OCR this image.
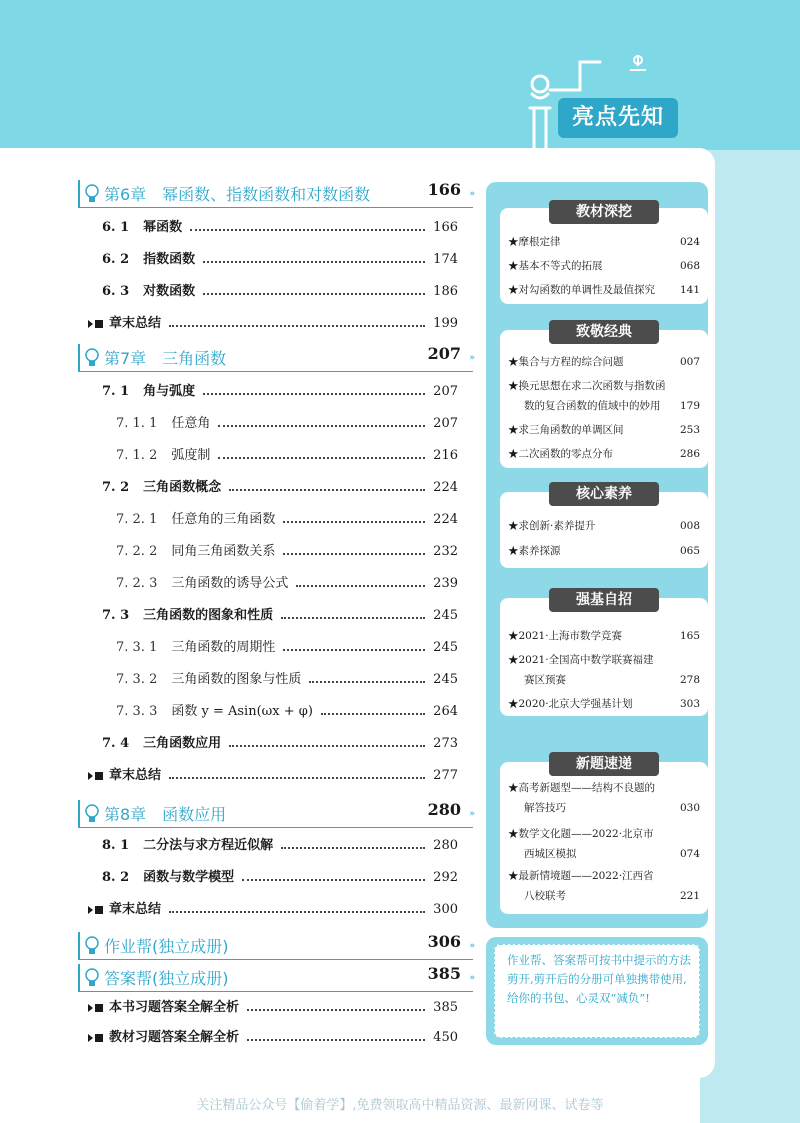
亮点先知
第6章　幂函数、指数函数和对数函数	166 »
6. 1 幂函数	166
6. 2 指数函数	174
6. 3 对数函数	186
章末总结	199
第7章　三角函数	207 »
7. 1 角与弧度	207
7. 1. 1 任意角	207
7. 1. 2 弧度制	216
7. 2 三角函数概念	224
7. 2. 1 任意角的三角函数	224
7. 2. 2 同角三角函数关系	232
7. 2. 3 三角函数的诱导公式	239
7. 3 三角函数的图象和性质	245
7. 3. 1 三角函数的周期性	245
7. 3. 2 三角函数的图象与性质	245
7. 3. 3 函数 y = Asin(ωx + φ)	264
7. 4 三角函数应用	273
章末总结	277
第8章　函数应用	280 »
8. 1 二分法与求方程近似解	280
8. 2 函数与数学模型	292
章末总结	300
作业帮(独立成册)	306 »
答案帮(独立成册)	385 »
本书习题答案全解全析	385
教材习题答案全解全析	450
教材深挖
★摩根定律	024
★基本不等式的拓展	068
★对勾函数的单调性及最值探究 141
致敬经典
★集合与方程的综合问题	007
★换元思想在求二次函数与指数函
数的复合函数的值域中的妙用 179
★求三角函数的单调区间	253
★二次函数的零点分布	286
核心素养
★求创新·素养提升	008
★素养探源	065
强基自招
★2021·上海市数学竞赛	165
★2021·全国高中数学联赛福建
赛区预赛	278
★2020·北京大学强基计划	303
新题速递
★高考新题型——结构不良题的
解答技巧	030
★数学文化题——2022·北京市
西城区模拟	074
★最新情境题——2022·江西省
八校联考	221
作业帮、答案帮可按书中提示的方法剪开,剪开后的分册可单独携带使用,给你的书包、心灵双“减负”!
关注精品公众号【偷着学】,免费领取高中精品资源、最新网课、试卷等
